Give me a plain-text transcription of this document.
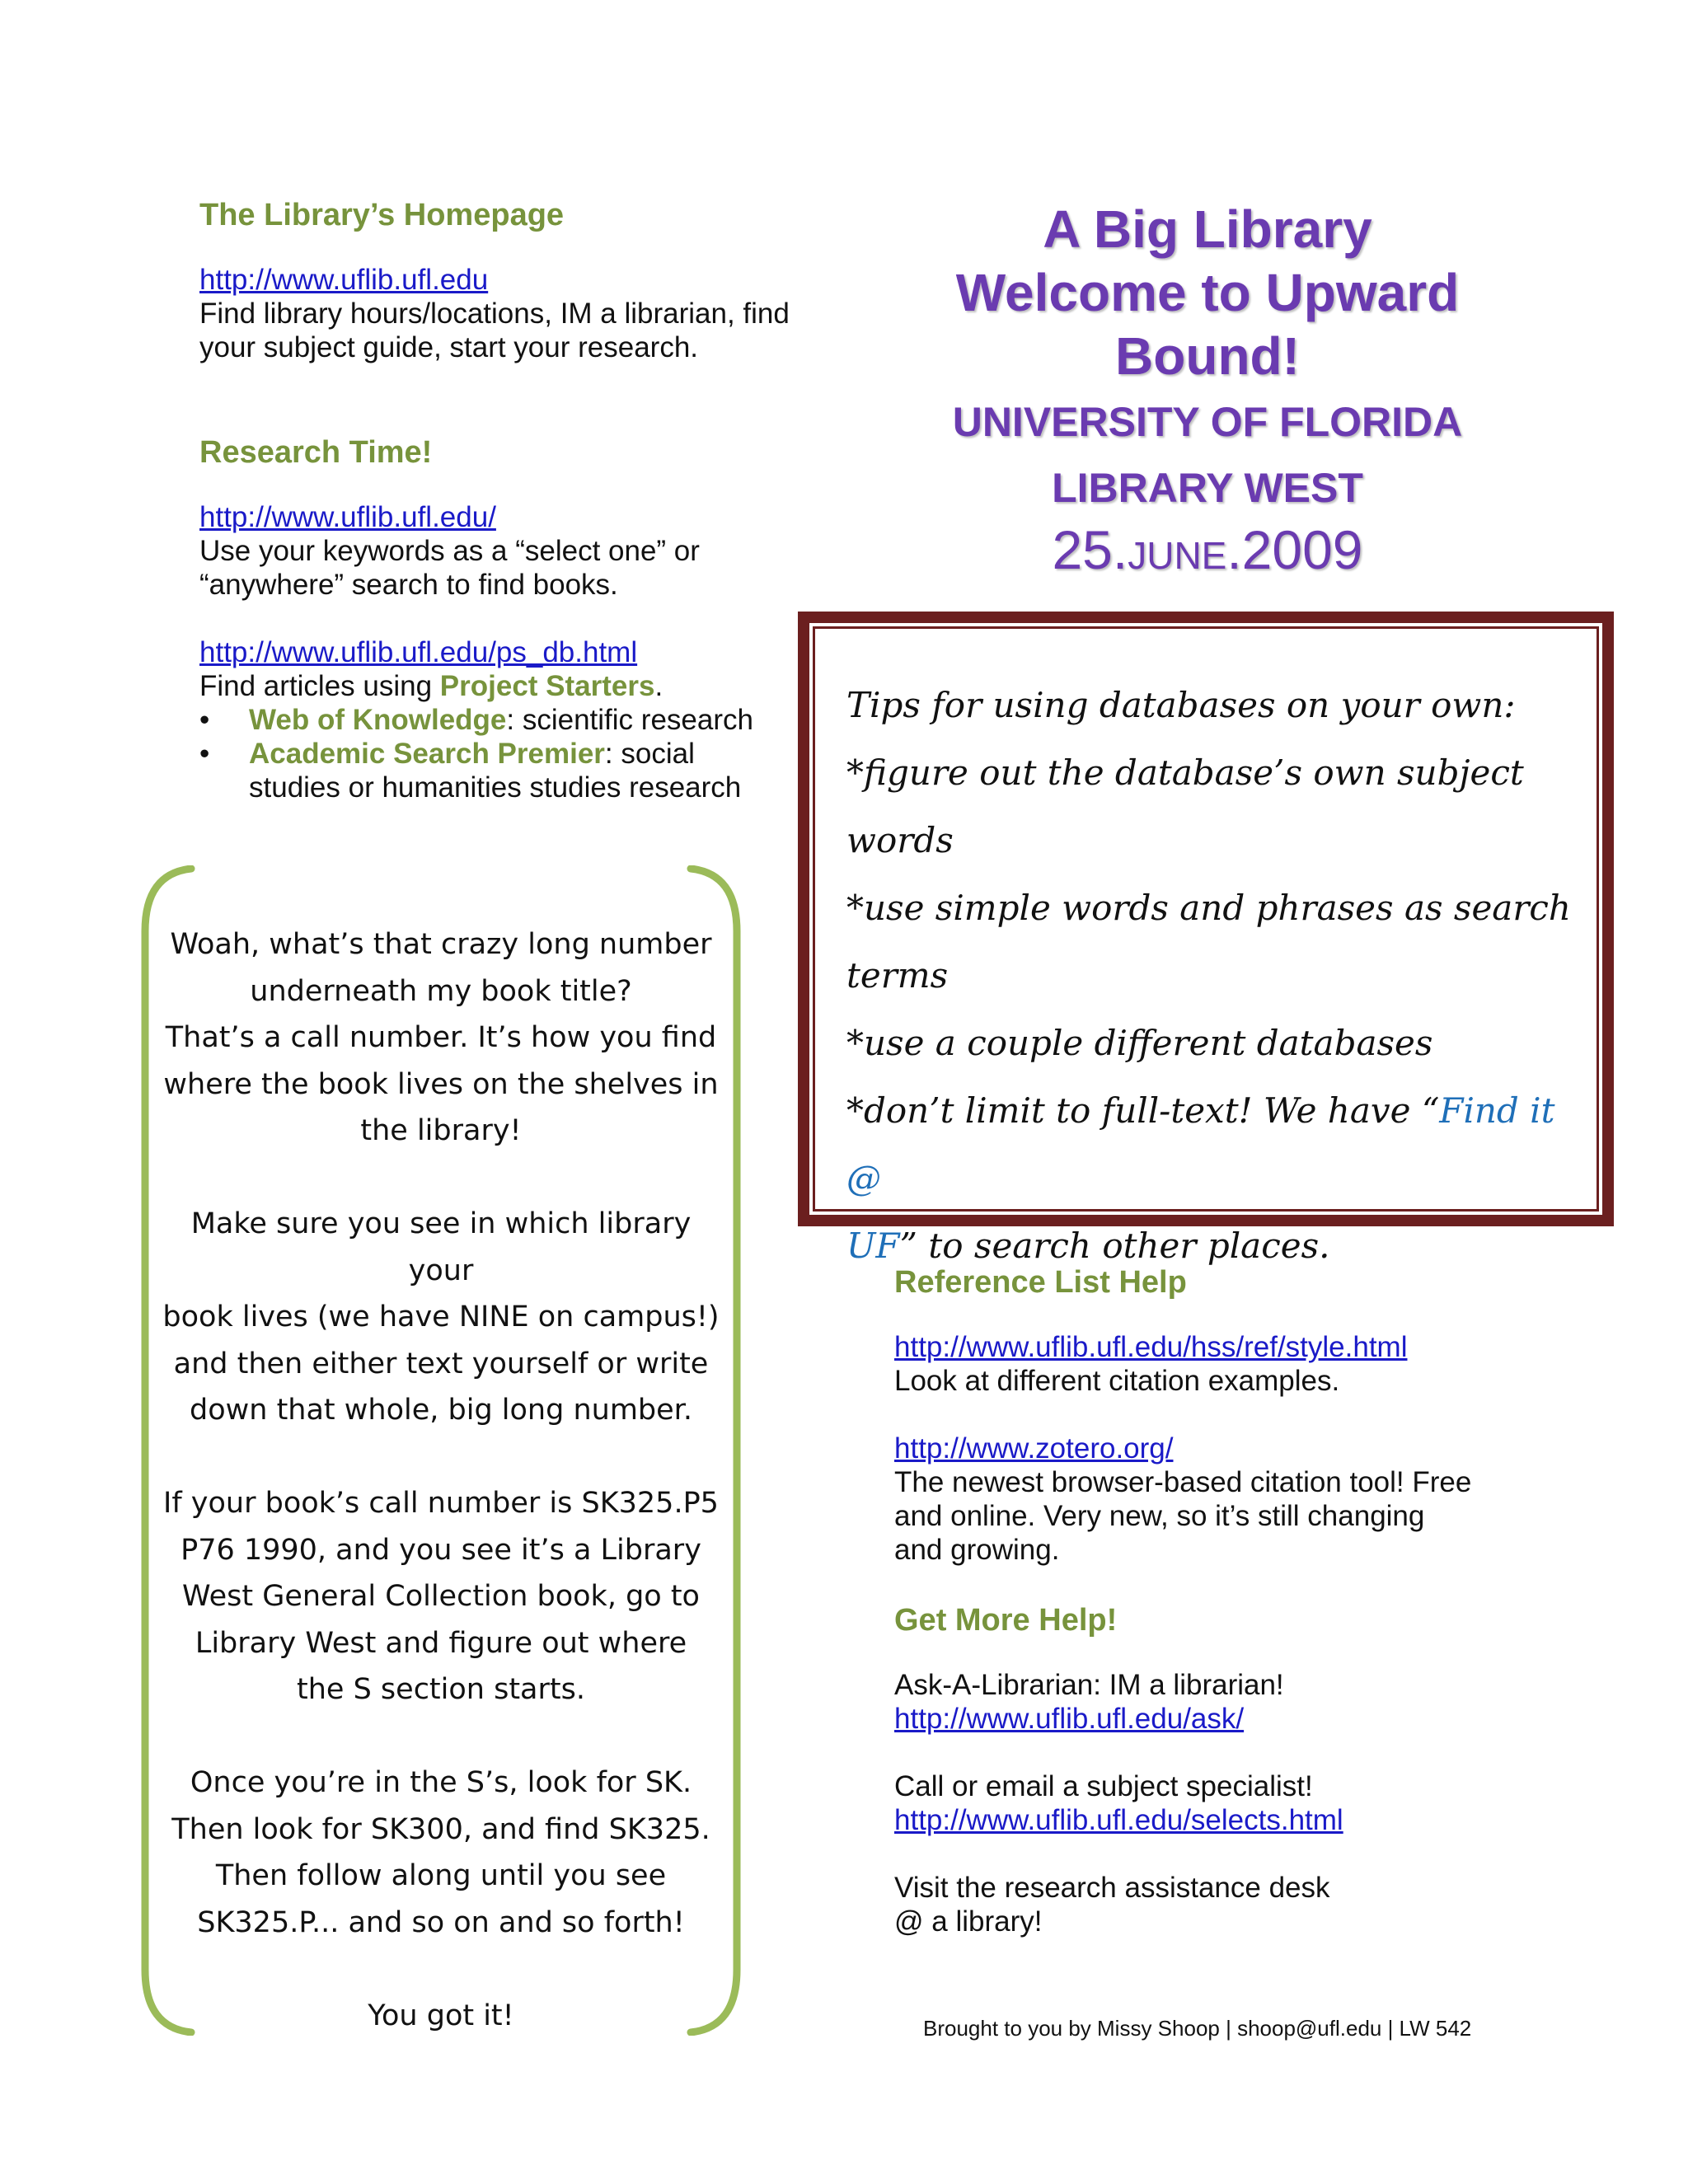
The Library’s Homepage
http://www.uflib.ufl.edu
Find library hours/locations, IM a librarian, find
your subject guide, start your research.
Research Time!
http://www.uflib.ufl.edu/
Use your keywords as a “select one” or
“anywhere” search to find books.
http://www.uflib.ufl.edu/ps_db.html
Find articles using Project Starters.
• Web of Knowledge: scientific research
• Academic Search Premier: social
studies or humanities studies research

Woah, what’s that crazy long number

underneath my book title?

That’s a call number. It’s how you find

where the book lives on the shelves in

the library!

Make sure you see in which library your

book lives (we have NINE on campus!)

and then either text yourself or write

down that whole, big long number.

If your book’s call number is SK325.P5

P76 1990, and you see it’s a Library

West General Collection book, go to

Library West and figure out where

the S section starts.

Once you’re in the S’s, look for SK.

Then look for SK300, and find SK325.

Then follow along until you see

SK325.P... and so on and so forth!

You got it!

A Big Library
Welcome to Upward
Bound!
UNIVERSITY OF FLORIDA
LIBRARY WEST
25.JUNE.2009
Tips for using databases on your own:
*figure out the database’s own subject words
*use simple words and phrases as search
terms
*use a couple different databases
*don’t limit to full-text! We have “Find it @
UF” to search other places.
Reference List Help
http://www.uflib.ufl.edu/hss/ref/style.html
Look at different citation examples.
http://www.zotero.org/
The newest browser-based citation tool! Free
and online. Very new, so it’s still changing
and growing.
Get More Help!
Ask-A-Librarian: IM a librarian!
http://www.uflib.ufl.edu/ask/
Call or email a subject specialist!
http://www.uflib.ufl.edu/selects.html
Visit the research assistance desk
@ a library!
Brought to you by Missy Shoop | shoop@ufl.edu | LW 542
